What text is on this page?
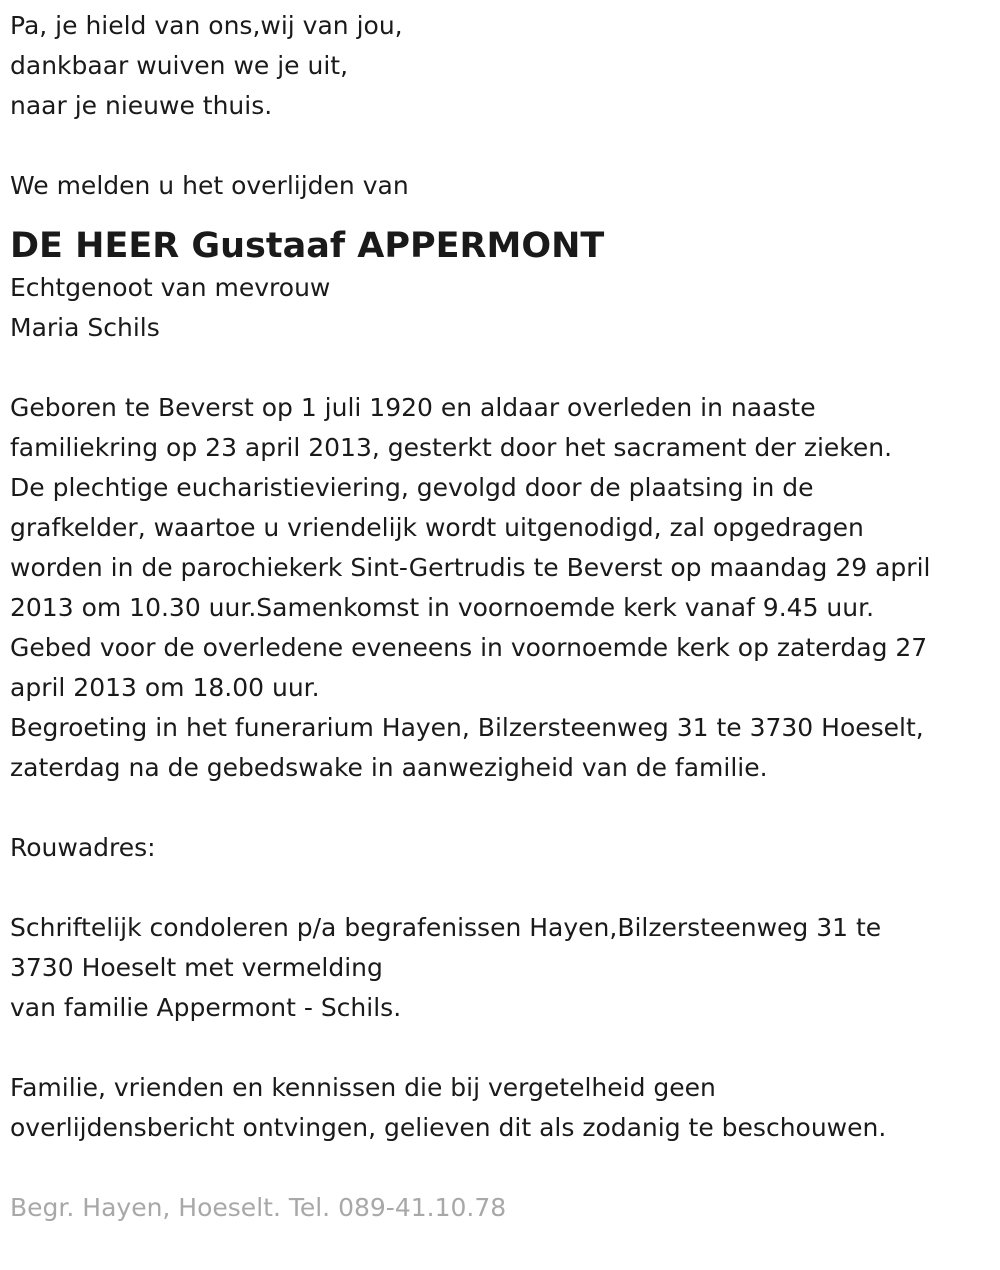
Pa, je hield van ons,wij van jou,

dankbaar wuiven we je uit,

naar je nieuwe thuis.

We melden u het overlijden van

DE HEER Gustaaf APPERMONT

Echtgenoot van mevrouw

Maria Schils

Geboren te Beverst op 1 juli 1920 en aldaar overleden in naaste

familiekring op 23 april 2013, gesterkt door het sacrament der zieken.

De plechtige eucharistieviering, gevolgd door de plaatsing in de

grafkelder, waartoe u vriendelijk wordt uitgenodigd, zal opgedragen

worden in de parochiekerk Sint-Gertrudis te Beverst op maandag 29 april

2013 om 10.30 uur.Samenkomst in voornoemde kerk vanaf 9.45 uur.

Gebed voor de overledene eveneens in voornoemde kerk op zaterdag 27

april 2013 om 18.00 uur.

Begroeting in het funerarium Hayen, Bilzersteenweg 31 te 3730 Hoeselt,

zaterdag na de gebedswake in aanwezigheid van de familie.

Rouwadres:

Schriftelijk condoleren p/a begrafenissen Hayen,Bilzersteenweg 31 te

3730 Hoeselt met vermelding

van familie Appermont - Schils.

Familie, vrienden en kennissen die bij vergetelheid geen

overlijdensbericht ontvingen, gelieven dit als zodanig te beschouwen.

Begr. Hayen, Hoeselt. Tel. 089-41.10.78
